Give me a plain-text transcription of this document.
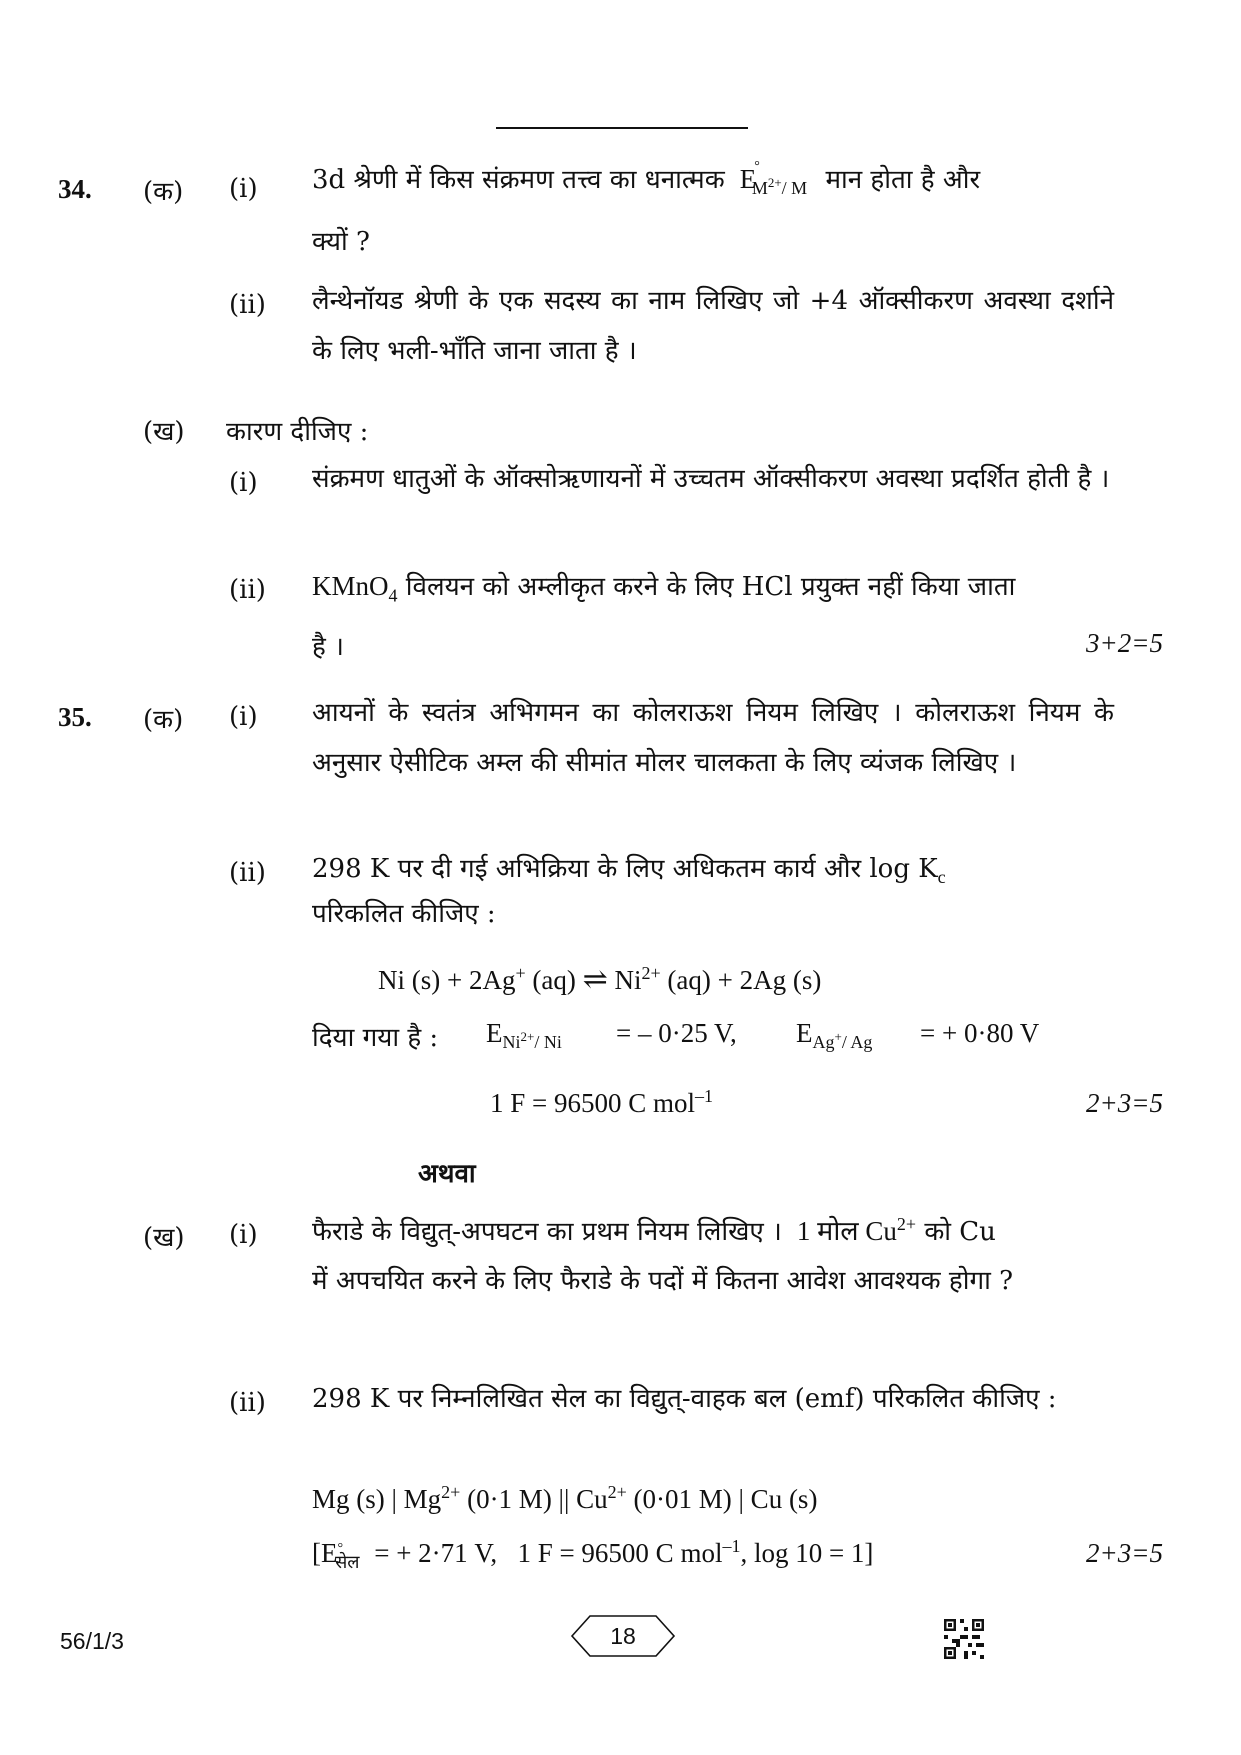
34. (क) (i) 3d श्रेणी में किस संक्रमण तत्त्व का धनात्मक  $E^\circ_{M^{2+}/ M}$ मान होता है और
क्यों ?
(ii) लैन्थेनॉयड श्रेणी के एक सदस्य का नाम लिखिए जो +4 ऑक्सीकरण अवस्था दर्शाने के लिए भली-भाँति जाना जाता है ।
(ख) कारण दीजिए :
(i) संक्रमण धातुओं के ऑक्सोऋणायनों में उच्चतम ऑक्सीकरण अवस्था प्रदर्शित होती है ।
(ii) KMnO$_4$ विलयन को अम्लीकृत करने के लिए HCl प्रयुक्त नहीं किया जाता
है ।	3+2=5
35. (क) (i) आयनों के स्वतंत्र अभिगमन का कोलराऊश नियम लिखिए । कोलराऊश नियम के अनुसार ऐसीटिक अम्ल की सीमांत मोलर चालकता के लिए व्यंजक लिखिए ।
(ii) 298 K पर दी गई अभिक्रिया के लिए अधिकतम कार्य और $\log K_c$
परिकलित कीजिए :
Ni (s) + 2Ag+ (aq) ⇌ $Ni^{2+}$ (aq) + 2Ag (s)
दिया गया है : $E_{Ni^{2+}/ Ni}$ = – 0·25 V, $E_{Ag^+/ Ag}$ = + 0·80 V
1 F = 96500 C mol$^{-1}$	2+3=5
अथवा
(ख) (i) फैराडे के विद्युत्-अपघटन का प्रथम नियम लिखिए ।  1 मोल $Cu^{2+}$ को Cu
में अपचयित करने के लिए फैराडे के पदों में कितना आवेश आवश्यक होगा ?
(ii) 298 K पर निम्नलिखित सेल का विद्युत्-वाहक बल (emf) परिकलित कीजिए :
Mg (s) | $Mg^{2+}$ (0·1 M) || $Cu^{2+}$ (0·01 M) | Cu (s)
[$E^\circ_{सेल}$ = + 2·71 V, 1 F = 96500 C mol$^{-1}$, log 10 = 1]	2+3=5
56/1/3	18
